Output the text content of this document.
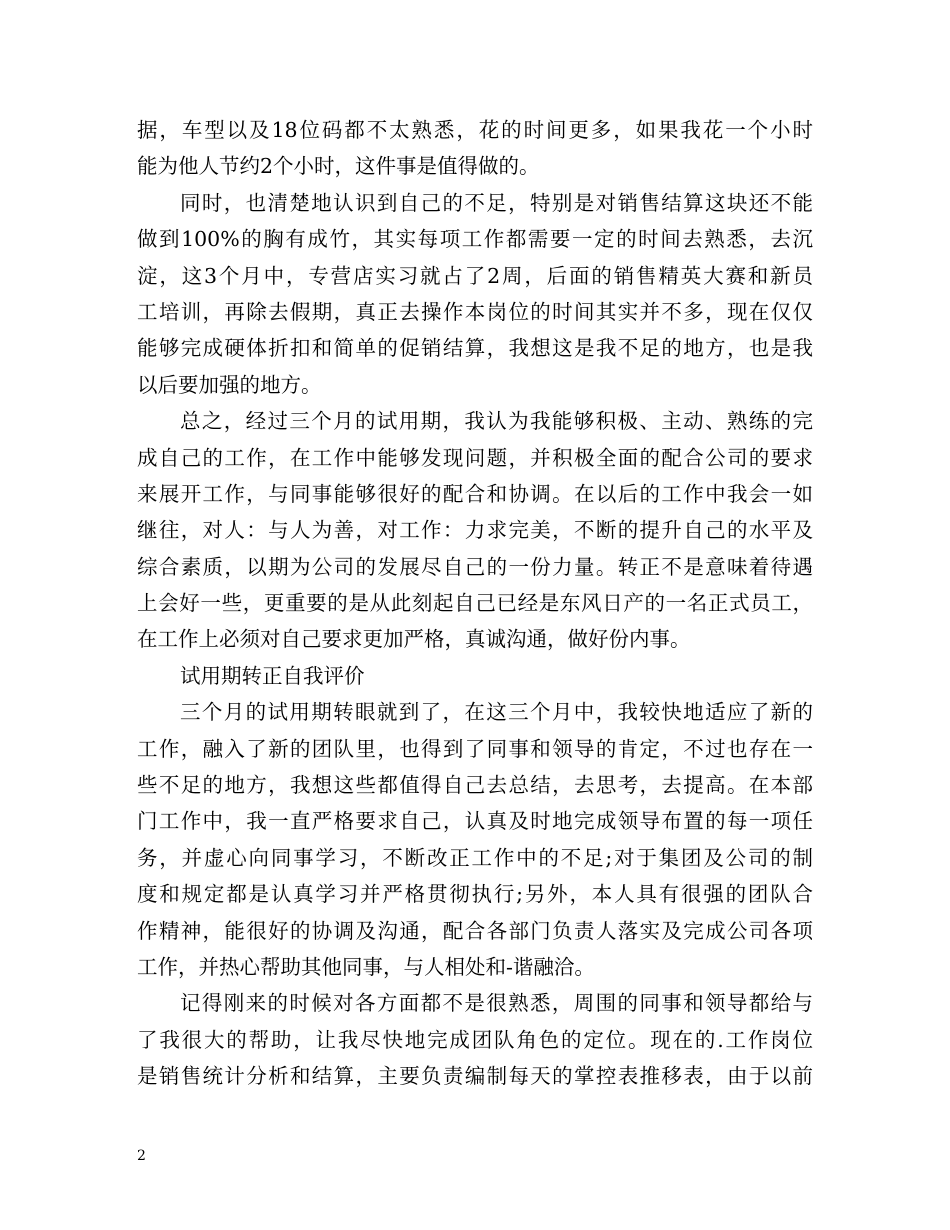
据，车型以及18位码都不太熟悉，花的时间更多，如果我花一个小时
能为他人节约2个小时，这件事是值得做的。
同时，也清楚地认识到自己的不足，特别是对销售结算这块还不能
做到100%的胸有成竹，其实每项工作都需要一定的时间去熟悉，去沉
淀，这3个月中，专营店实习就占了2周，后面的销售精英大赛和新员
工培训，再除去假期，真正去操作本岗位的时间其实并不多，现在仅仅
能够完成硬体折扣和简单的促销结算，我想这是我不足的地方，也是我
以后要加强的地方。
总之，经过三个月的试用期，我认为我能够积极、主动、熟练的完
成自己的工作，在工作中能够发现问题，并积极全面的配合公司的要求
来展开工作，与同事能够很好的配合和协调。在以后的工作中我会一如
继往，对人：与人为善，对工作：力求完美，不断的提升自己的水平及
综合素质，以期为公司的发展尽自己的一份力量。转正不是意味着待遇
上会好一些，更重要的是从此刻起自己已经是东风日产的一名正式员工，
在工作上必须对自己要求更加严格，真诚沟通，做好份内事。
试用期转正自我评价
三个月的试用期转眼就到了，在这三个月中，我较快地适应了新的
工作，融入了新的团队里，也得到了同事和领导的肯定，不过也存在一
些不足的地方，我想这些都值得自己去总结，去思考，去提高。在本部
门工作中，我一直严格要求自己，认真及时地完成领导布置的每一项任
务，并虚心向同事学习，不断改正工作中的不足;对于集团及公司的制
度和规定都是认真学习并严格贯彻执行;另外，本人具有很强的团队合
作精神，能很好的协调及沟通，配合各部门负责人落实及完成公司各项
工作，并热心帮助其他同事，与人相处和-谐融洽。
记得刚来的时候对各方面都不是很熟悉，周围的同事和领导都给与
了我很大的帮助，让我尽快地完成团队角色的定位。现在的.工作岗位
是销售统计分析和结算，主要负责编制每天的掌控表推移表，由于以前
2
